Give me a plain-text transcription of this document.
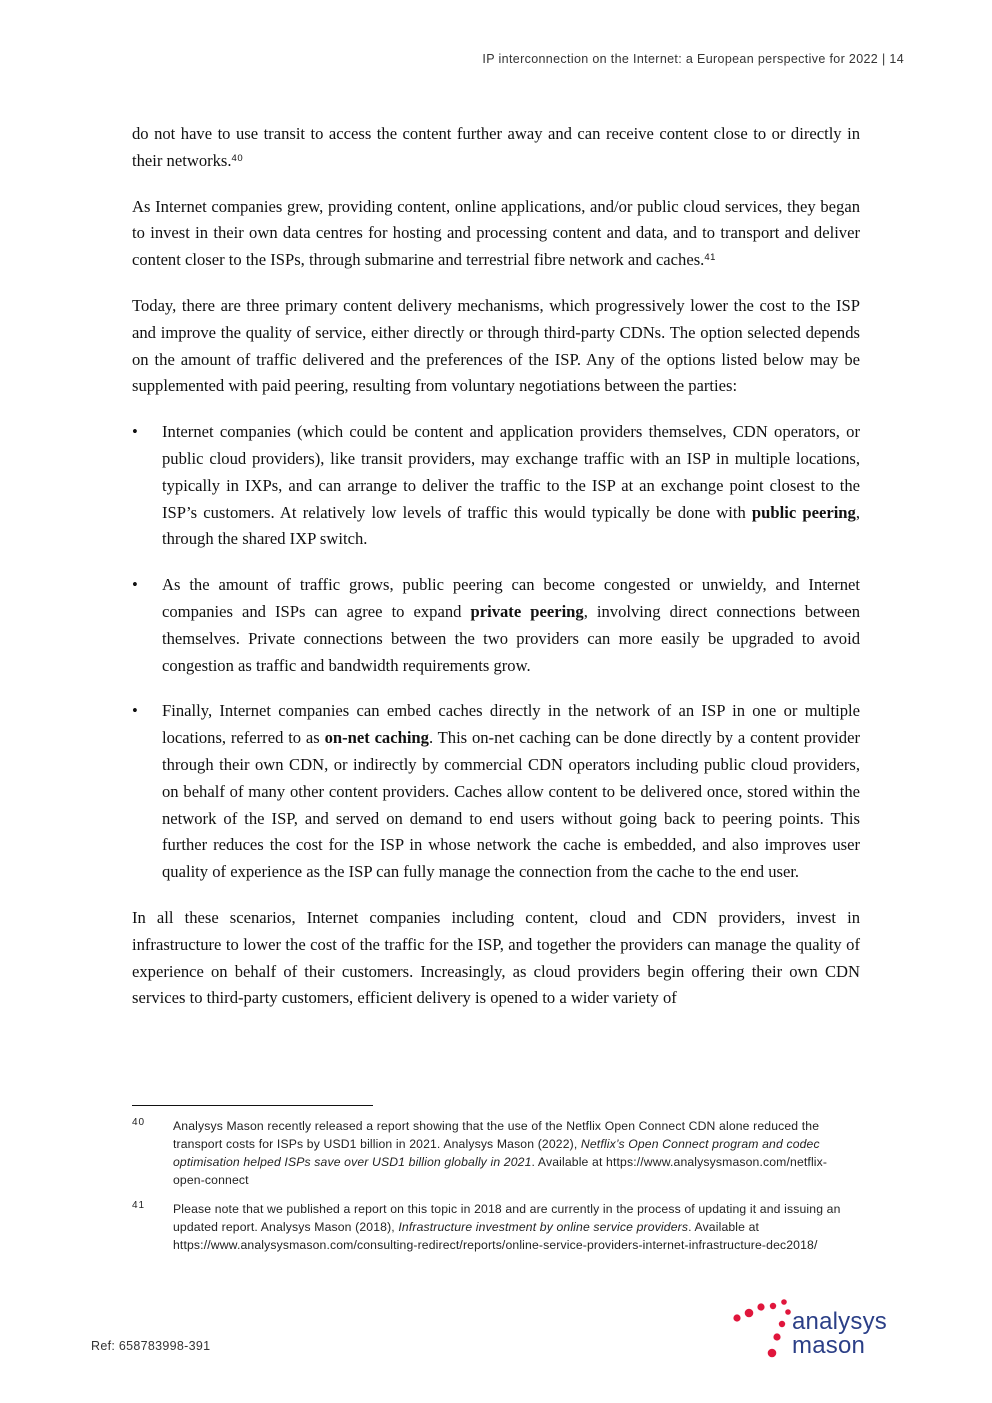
IP interconnection on the Internet: a European perspective for 2022 | 14

do not have to use transit to access the content further away and can receive content close to or directly in their networks.$^{40}$

As Internet companies grew, providing content, online applications, and/or public cloud services, they began to invest in their own data centres for hosting and processing content and data, and to transport and deliver content closer to the ISPs, through submarine and terrestrial fibre network and caches.$^{41}$

Today, there are three primary content delivery mechanisms, which progressively lower the cost to the ISP and improve the quality of service, either directly or through third-party CDNs. The option selected depends on the amount of traffic delivered and the preferences of the ISP. Any of the options listed below may be supplemented with paid peering, resulting from voluntary negotiations between the parties:

• Internet companies (which could be content and application providers themselves, CDN operators, or public cloud providers), like transit providers, may exchange traffic with an ISP in multiple locations, typically in IXPs, and can arrange to deliver the traffic to the ISP at an exchange point closest to the ISP’s customers. At relatively low levels of traffic this would typically be done with public peering, through the shared IXP switch.
• As the amount of traffic grows, public peering can become congested or unwieldy, and Internet companies and ISPs can agree to expand private peering, involving direct connections between themselves. Private connections between the two providers can more easily be upgraded to avoid congestion as traffic and bandwidth requirements grow.
• Finally, Internet companies can embed caches directly in the network of an ISP in one or multiple locations, referred to as on-net caching. This on-net caching can be done directly by a content provider through their own CDN, or indirectly by commercial CDN operators including public cloud providers, on behalf of many other content providers. Caches allow content to be delivered once, stored within the network of the ISP, and served on demand to end users without going back to peering points. This further reduces the cost for the ISP in whose network the cache is embedded, and also improves user quality of experience as the ISP can fully manage the connection from the cache to the end user.

In all these scenarios, Internet companies including content, cloud and CDN providers, invest in infrastructure to lower the cost of the traffic for the ISP, and together the providers can manage the quality of experience on behalf of their customers. Increasingly, as cloud providers begin offering their own CDN services to third-party customers, efficient delivery is opened to a wider variety of

40 Analysys Mason recently released a report showing that the use of the Netflix Open Connect CDN alone reduced the transport costs for ISPs by USD1 billion in 2021. Analysys Mason (2022), Netflix’s Open Connect program and codec optimisation helped ISPs save over USD1 billion globally in 2021. Available at https://www.analysysmason.com/netflix-open-connect
41 Please note that we published a report on this topic in 2018 and are currently in the process of updating it and issuing an updated report. Analysys Mason (2018), Infrastructure investment by online service providers. Available at https://www.analysysmason.com/consulting-redirect/reports/online-service-providers-internet-infrastructure-dec2018/
Ref: 658783998-391
analysys
mason
